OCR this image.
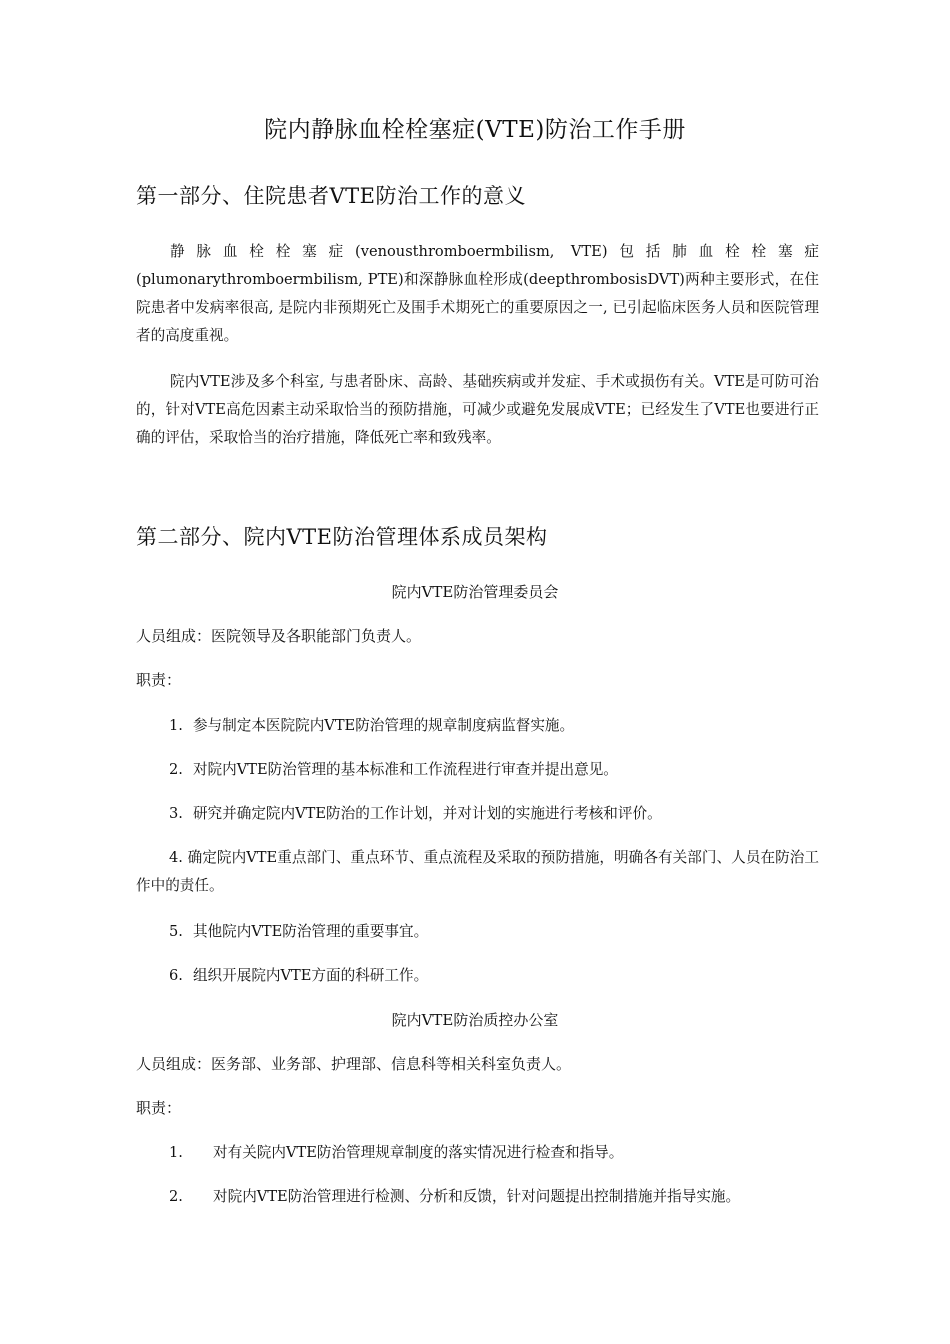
院内静脉血栓栓塞症(VTE)防治工作手册
第一部分、住院患者VTE防治工作的意义
静脉血栓栓塞症(venousthromboermbilism, VTE)包括肺血栓栓塞症(plumonarythromboermbilism, PTE)和深静脉血栓形成(deepthrombosisDVT)两种主要形式，在住院患者中发病率很高, 是院内非预期死亡及围手术期死亡的重要原因之一, 已引起临床医务人员和医院管理者的高度重视。
院内VTE涉及多个科室, 与患者卧床、高龄、基础疾病或并发症、手术或损伤有关。VTE是可防可治的，针对VTE高危因素主动采取恰当的预防措施，可减少或避免发展成VTE；已经发生了VTE也要进行正确的评估，采取恰当的治疗措施，降低死亡率和致残率。
第二部分、院内VTE防治管理体系成员架构
院内VTE防治管理委员会
人员组成：医院领导及各职能部门负责人。
职责：
1. 参与制定本医院院内VTE防治管理的规章制度病监督实施。
2. 对院内VTE防治管理的基本标准和工作流程进行审查并提出意见。
3. 研究并确定院内VTE防治的工作计划，并对计划的实施进行考核和评价。
4. 确定院内VTE重点部门、重点环节、重点流程及采取的预防措施，明确各有关部门、人员在防治工作中的责任。
5. 其他院内VTE防治管理的重要事宜。
6. 组织开展院内VTE方面的科研工作。
院内VTE防治质控办公室
人员组成：医务部、业务部、护理部、信息科等相关科室负责人。
职责：
1. 对有关院内VTE防治管理规章制度的落实情况进行检查和指导。
2. 对院内VTE防治管理进行检测、分析和反馈，针对问题提出控制措施并指导实施。
